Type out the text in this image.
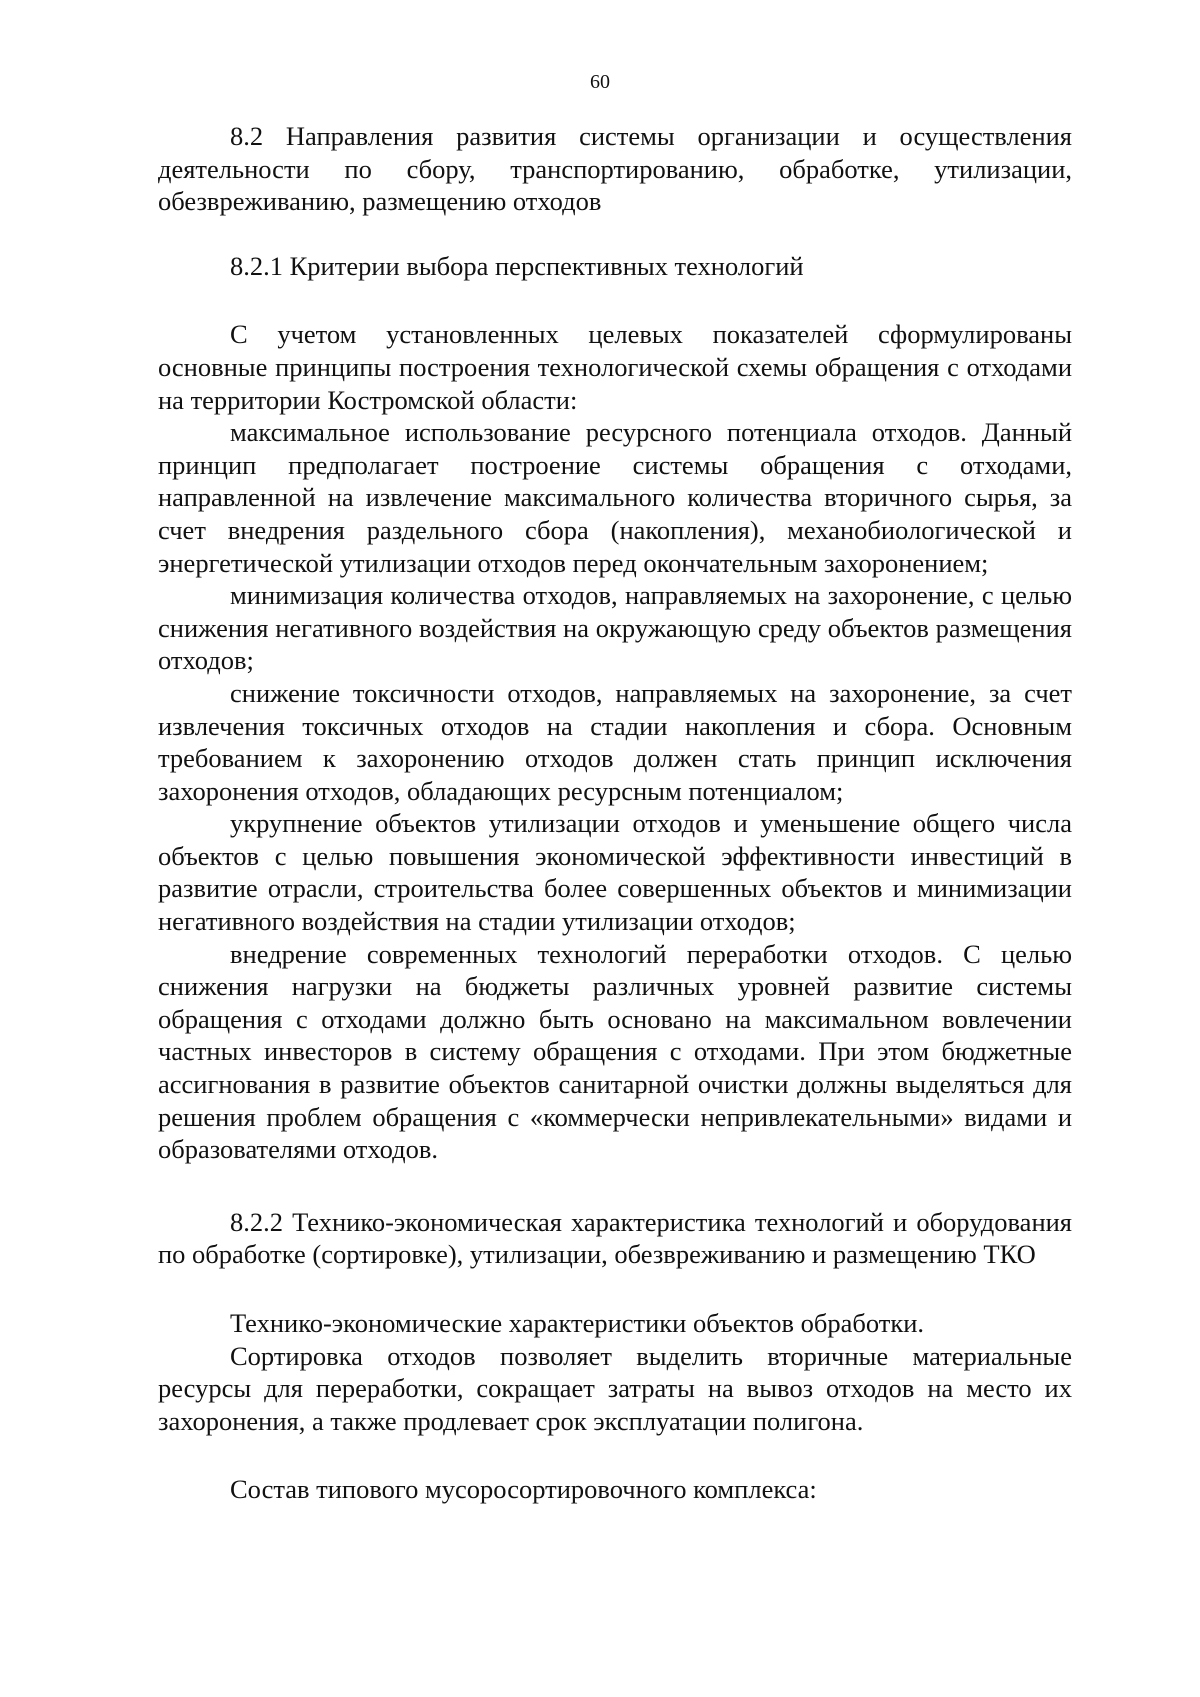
60

8.2 Направления развития системы организации и осуществления деятельности по сбору, транспортированию, обработке, утилизации, обезвреживанию, размещению отходов

8.2.1 Критерии выбора перспективных технологий

С учетом установленных целевых показателей сформулированы основные принципы построения технологической схемы обращения с отходами на территории Костромской области:

максимальное использование ресурсного потенциала отходов. Данный принцип предполагает построение системы обращения с отходами, направленной на извлечение максимального количества вторичного сырья, за счет внедрения раздельного сбора (накопления), механобиологической и энергетической утилизации отходов перед окончательным захоронением;

минимизация количества отходов, направляемых на захоронение, с целью снижения негативного воздействия на окружающую среду объектов размещения отходов;

снижение токсичности отходов, направляемых на захоронение, за счет извлечения токсичных отходов на стадии накопления и сбора. Основным требованием к захоронению отходов должен стать принцип исключения захоронения отходов, обладающих ресурсным потенциалом;

укрупнение объектов утилизации отходов и уменьшение общего числа объектов с целью повышения экономической эффективности инвестиций в развитие отрасли, строительства более совершенных объектов и минимизации негативного воздействия на стадии утилизации отходов;

внедрение современных технологий переработки отходов. С целью снижения нагрузки на бюджеты различных уровней развитие системы обращения с отходами должно быть основано на максимальном вовлечении частных инвесторов в систему обращения с отходами. При этом бюджетные ассигнования в развитие объектов санитарной очистки должны выделяться для решения проблем обращения с «коммерчески непривлекательными» видами и образователями отходов.

8.2.2 Технико-экономическая характеристика технологий и оборудования по обработке (сортировке), утилизации, обезвреживанию и размещению ТКО

Технико-экономические характеристики объектов обработки.

Сортировка отходов позволяет выделить вторичные материальные ресурсы для переработки, сокращает затраты на вывоз отходов на место их захоронения, а также продлевает срок эксплуатации полигона.

Состав типового мусоросортировочного комплекса:
